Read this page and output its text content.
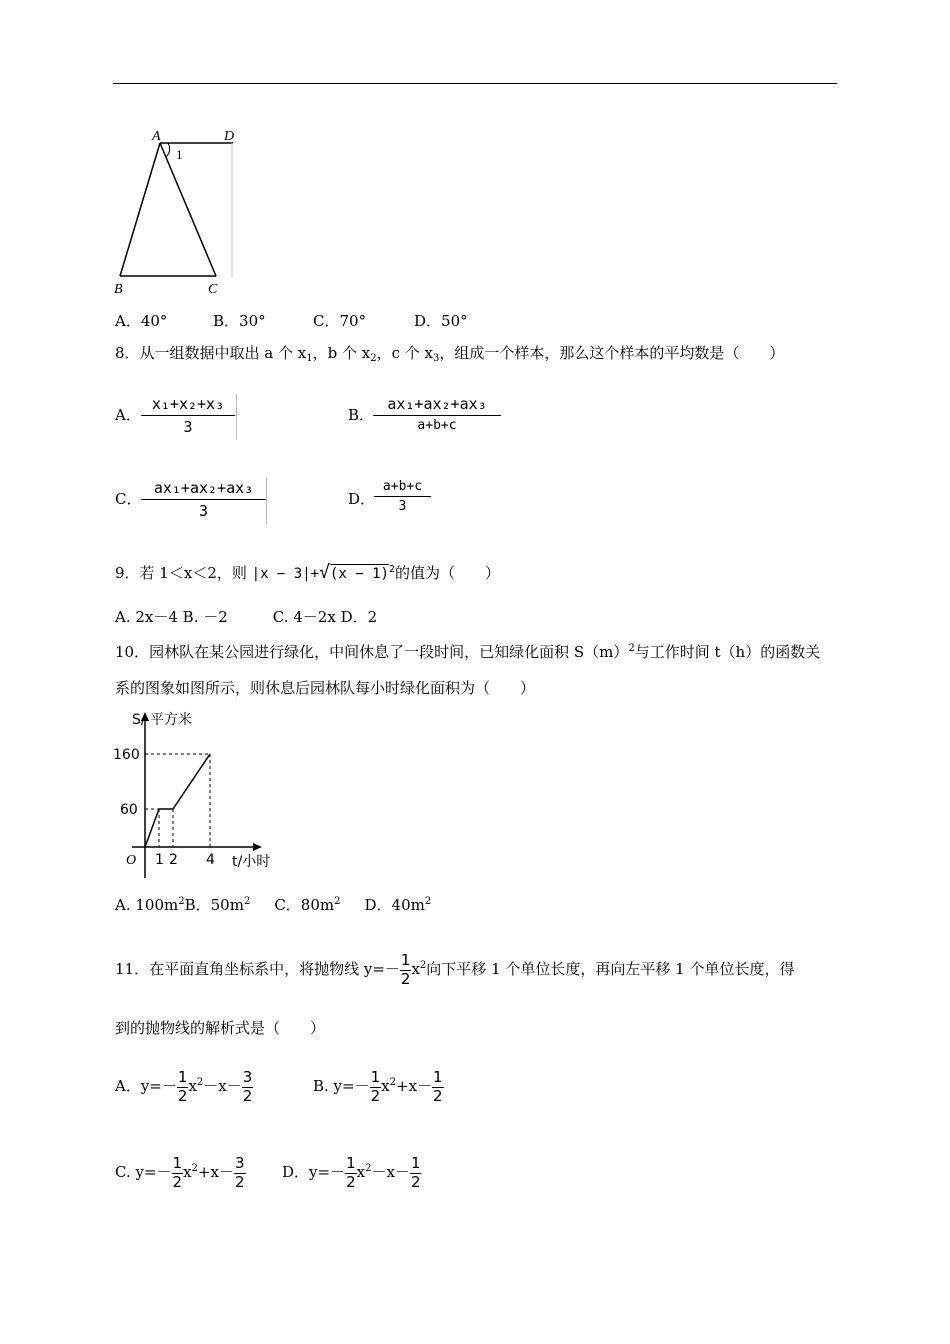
A	D
1
B	C
A．40°	B．30°	C．70°	D．50°
8．从一组数据中取出 a 个 $x_1$，b 个 $x_2$，c 个 $x_3$，组成一个样本，那么这个样本的平均数是（　　）
A． $\frac{\text{x₁+x₂+x₃}}{3}$	B．
$\frac{\text{ax₁+ax₂+ax₃}}{a+b+c}$
C． $\frac{\text{ax₁+ax₂+ax₃}}{3}$	D．
$\frac{a+b+c}{3}$
9．若 1＜x＜2，则 $|x - 3|+√(x - 1)^2$的值为（　　）
A. 2x－4 B. －2　　　C. 4－2x D．2
10．园林队在某公园进行绿化，中间休息了一段时间，已知绿化面积 $S(m)^2$与工作时间 t（h）的函数关
系的图象如图所示，则休息后园林队每小时绿化面积为（　　）
S/ 平方米
160
60
O 1 2 4 t/小时
A. $100m^2B$．$50m^2$ C．$80m^2$ D．$40m^2$
11．在平面直角坐标系中，将抛物线 $y=- \frac{1}{2} x^2$向下平移 1 个单位长度，再向左平移 1 个单位长度，得
到的抛物线的解析式是（　　）
A．$y=- \frac{1}{2} x^2-x- \frac{3}{2}$	B. $y=- \frac{1}{2} x^2+x- \frac{1}{2}$
C. $y=- \frac{1}{2} x^2+x- \frac{3}{2}$ D．$y=- \frac{1}{2} x^2-x- \frac{1}{2}$
